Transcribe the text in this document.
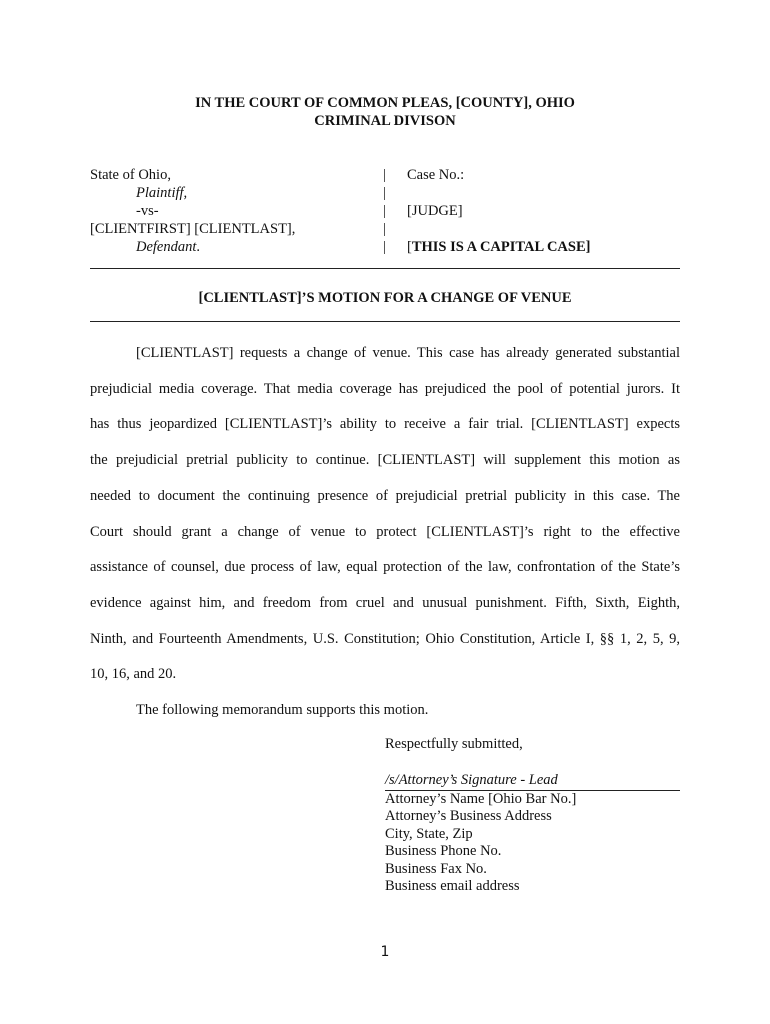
IN THE COURT OF COMMON PLEAS, [COUNTY], OHIO
CRIMINAL DIVISON
State of Ohio,
Plaintiff,
-vs-
[CLIENTFIRST] [CLIENTLAST],
Defendant.
|
|
|
|
|
Case No.:
[JUDGE]
[THIS IS A CAPITAL CASE]
[CLIENTLAST]’S MOTION FOR A CHANGE OF VENUE
[CLIENTLAST] requests a change of venue. This case has already generated substantial
prejudicial media coverage. That media coverage has prejudiced the pool of potential jurors. It
has thus jeopardized [CLIENTLAST]’s ability to receive a fair trial. [CLIENTLAST] expects
the prejudicial pretrial publicity to continue. [CLIENTLAST] will supplement this motion as
needed to document the continuing presence of prejudicial pretrial publicity in this case. The
Court should grant a change of venue to protect [CLIENTLAST]’s right to the effective
assistance of counsel, due process of law, equal protection of the law, confrontation of the State’s
evidence against him, and freedom from cruel and unusual punishment. Fifth, Sixth, Eighth,
Ninth, and Fourteenth Amendments, U.S. Constitution; Ohio Constitution, Article I, §§ 1, 2, 5, 9,
10, 16, and 20.
The following memorandum supports this motion.
Respectfully submitted,
/s/Attorney’s Signature - Lead
Attorney’s Name [Ohio Bar No.]
Attorney’s Business Address
City, State, Zip
Business Phone No.
Business Fax No.
Business email address
1
